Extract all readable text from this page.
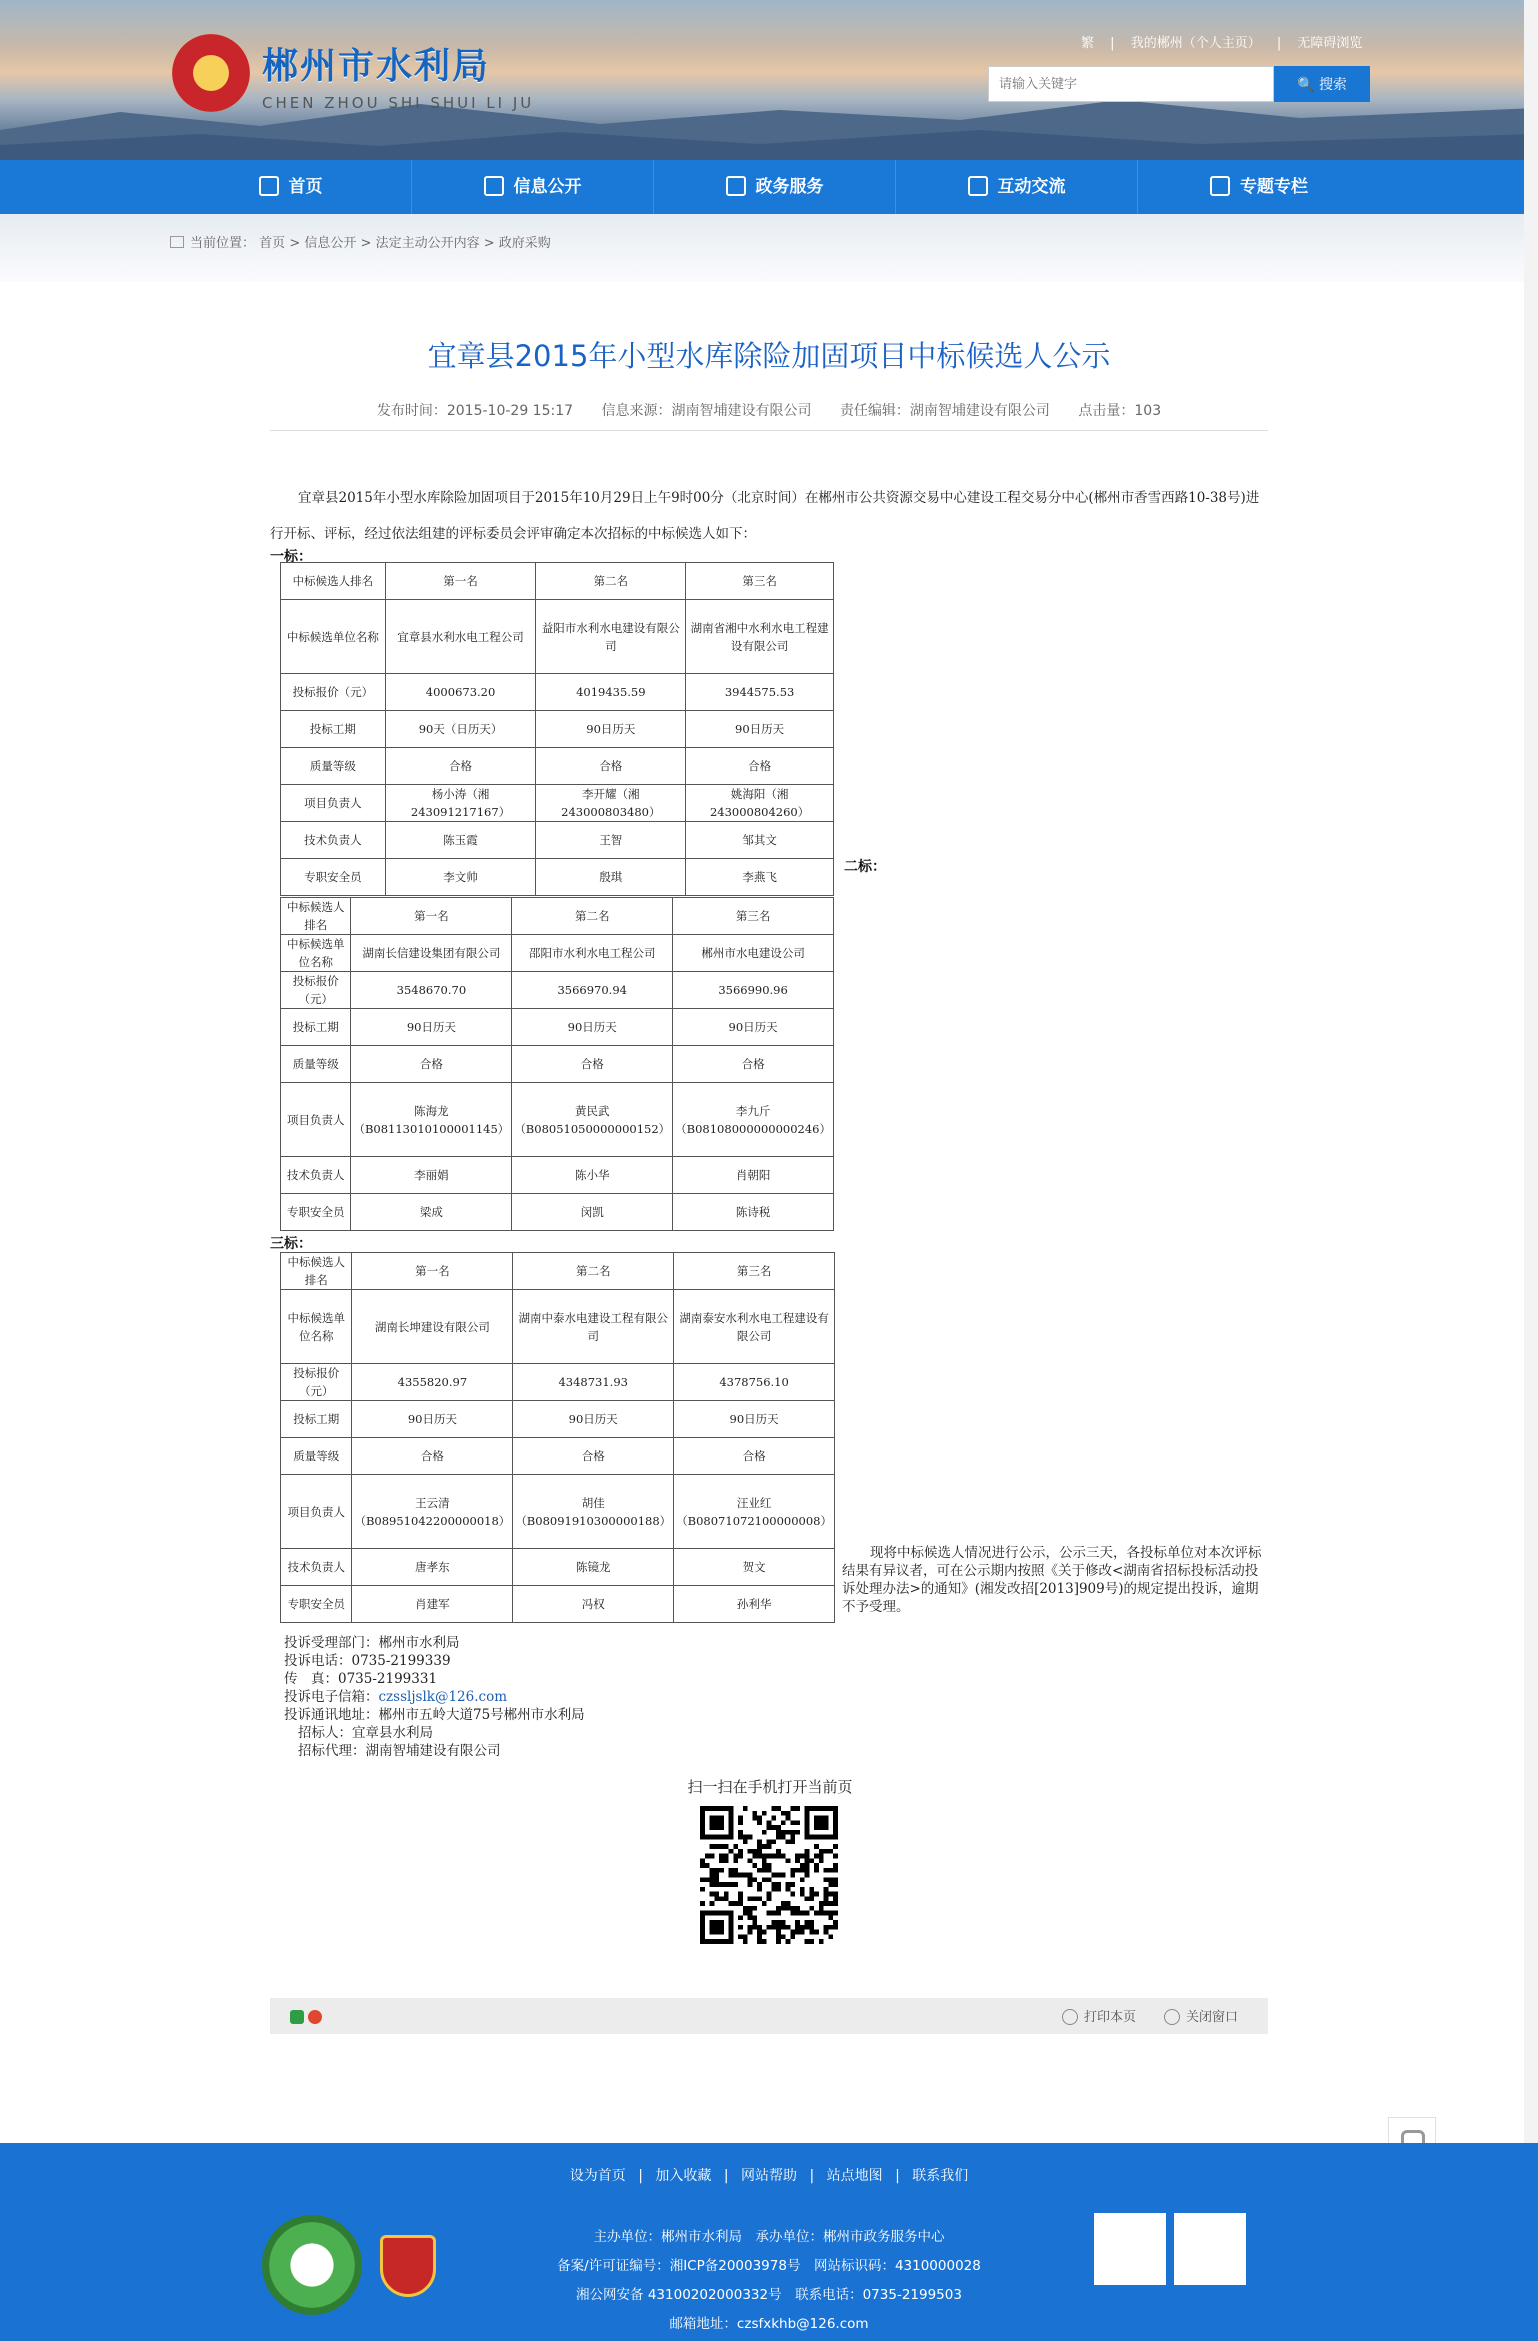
郴州市水利局
CHEN ZHOU SHI SHUI LI JU
繁 | 我的郴州（个人主页） | 无障碍浏览
请输入关键字
🔍 搜索
首页	信息公开	政务服务	互动交流	专题专栏
当前位置： 首页 > 信息公开 > 法定主动公开内容 > 政府采购
宜章县2015年小型水库除险加固项目中标候选人公示
发布时间：2015-10-29 15:17 信息来源：湖南智埔建设有限公司 责任编辑：湖南智埔建设有限公司 点击量：103
宜章县2015年小型水库除险加固项目于2015年10月29日上午9时00分（北京时间）在郴州市公共资源交易中心建设工程交易分中心(郴州市香雪西路10-38号)进行开标、评标，经过依法组建的评标委员会评审确定本次招标的中标候选人如下：
一标：
中标候选人排名	第一名	第二名	第三名
中标候选单位名称	宜章县水利水电工程公司	益阳市水利水电建设有限公司	湖南省湘中水利水电工程建设有限公司
投标报价（元）	4000673.20	4019435.59	3944575.53
投标工期	90天（日历天）	90日历天	90日历天
质量等级	合格	合格	合格
项目负责人	杨小涛（湘243091217167）	李开耀（湘243000803480）	姚海阳（湘243000804260）
技术负责人	陈玉霞	王智	邹其文
专职安全员	李文帅	殷琪	李燕飞
二标：
中标候选人排名	第一名	第二名	第三名
中标候选单位名称	湖南长信建设集团有限公司	邵阳市水利水电工程公司	郴州市水电建设公司
投标报价（元）	3548670.70	3566970.94	3566990.96
投标工期	90日历天	90日历天	90日历天
质量等级	合格	合格	合格
项目负责人	陈海龙（B08113010100001145）	黄民武（B08051050000000152）	李九斤（B08108000000000246）
技术负责人	李丽娟	陈小华	肖朝阳
专职安全员	梁成	闵凯	陈诗税
三标：
中标候选人排名	第一名	第二名	第三名
中标候选单位名称	湖南长坤建设有限公司	湖南中泰水电建设工程有限公司	湖南泰安水利水电工程建设有限公司
投标报价（元）	4355820.97	4348731.93	4378756.10
投标工期	90日历天	90日历天	90日历天
质量等级	合格	合格	合格
项目负责人	王云清（B08951042200000018）	胡佳（B08091910300000188）	汪业红（B08071072100000008）
技术负责人	唐孝东	陈镜龙	贺文
专职安全员	肖建军	冯权	孙利华
现将中标候选人情况进行公示，公示三天，各投标单位对本次评标结果有异议者，可在公示期内按照《关于修改<湖南省招标投标活动投诉处理办法>的通知》(湘发改招[2013]909号)的规定提出投诉，逾期不予受理。
投诉受理部门：郴州市水利局
投诉电话：0735-2199339
传　真：0735-2199331
投诉电子信箱：czssljslk@126.com
投诉通讯地址：郴州市五岭大道75号郴州市水利局
招标人：宜章县水利局
招标代理：湖南智埔建设有限公司
扫一扫在手机打开当前页
打印本页	关闭窗口
设为首页 | 加入收藏 | 网站帮助 | 站点地图 | 联系我们
主办单位：郴州市水利局　承办单位：郴州市政务服务中心
备案/许可证编号：湘ICP备20003978号　网站标识码：4310000028
湘公网安备 43100202000332号　联系电话：0735-2199503
邮箱地址：czsfxkhb@126.com
